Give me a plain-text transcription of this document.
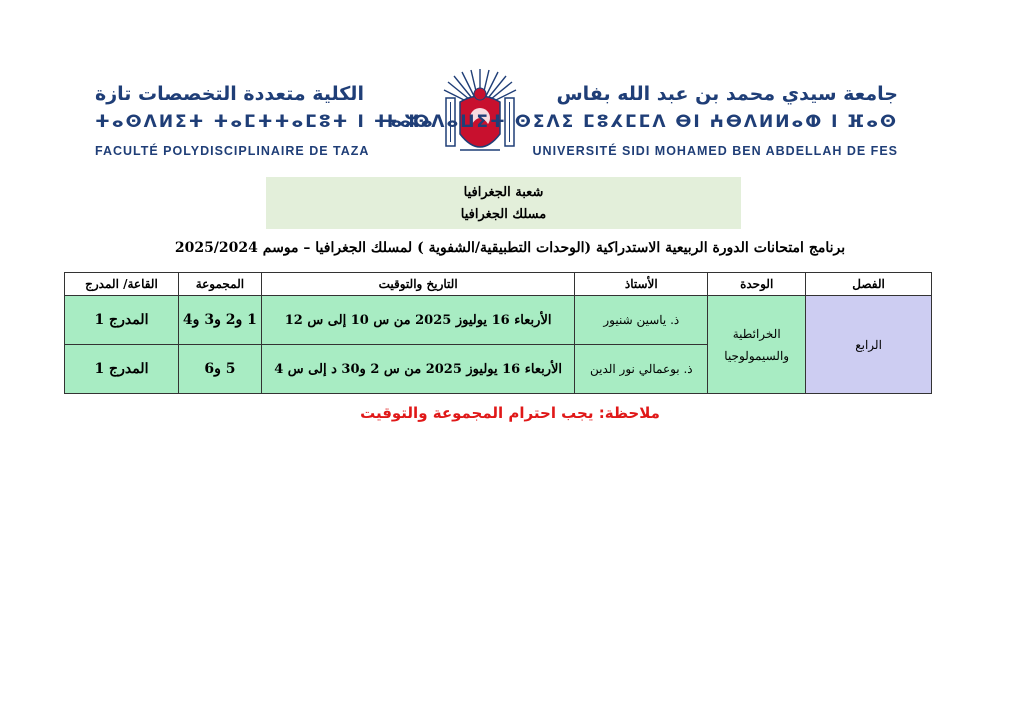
الكلية متعددة التخصصات تازة
ⵜⴰⵙⴷⵍⵉⵜ ⵜⴰⵎⵜⵜⴰⵎⵓⵜ ⵏ ⵜⴰⵣⴰ
FACULTÉ POLYDISCIPLINAIRE DE TAZA
جامعة سيدي محمد بن عبد الله بفاس
ⵜⴰⵙⴷⴰⵡⵉⵜ ⵙⵉⴷⵉ ⵎⵓⵃⵎⵎⴷ ⴱⵏ ⵄⴱⴷⵍⵍⴰⵀ ⵏ ⴼⴰⵙ
UNIVERSITÉ SIDI MOHAMED BEN ABDELLAH DE FES
شعبة الجغرافيا
مسلك الجغرافيا
برنامج امتحانات الدورة الربيعية الاستدراكية (الوحدات التطبيقية/الشفوية ) لمسلك الجغرافيا – موسم 2025/2024
الفصل	الوحدة	الأستاذ	التاريخ والتوقيت	المجموعة	القاعة/ المدرج
الرابع	الخرائطية والسيمولوجيا	ذ. ياسين شنيور	الأربعاء 16 يوليوز 2025 من س 10 إلى س 12	1 و2 و3 و4	المدرج 1
		ذ. بوعمالي نور الدين	الأربعاء 16 يوليوز 2025 من س 2 و30 د إلى س 4	5 و6	المدرج 1
ملاحظة: يجب احترام المجموعة والتوقيت
